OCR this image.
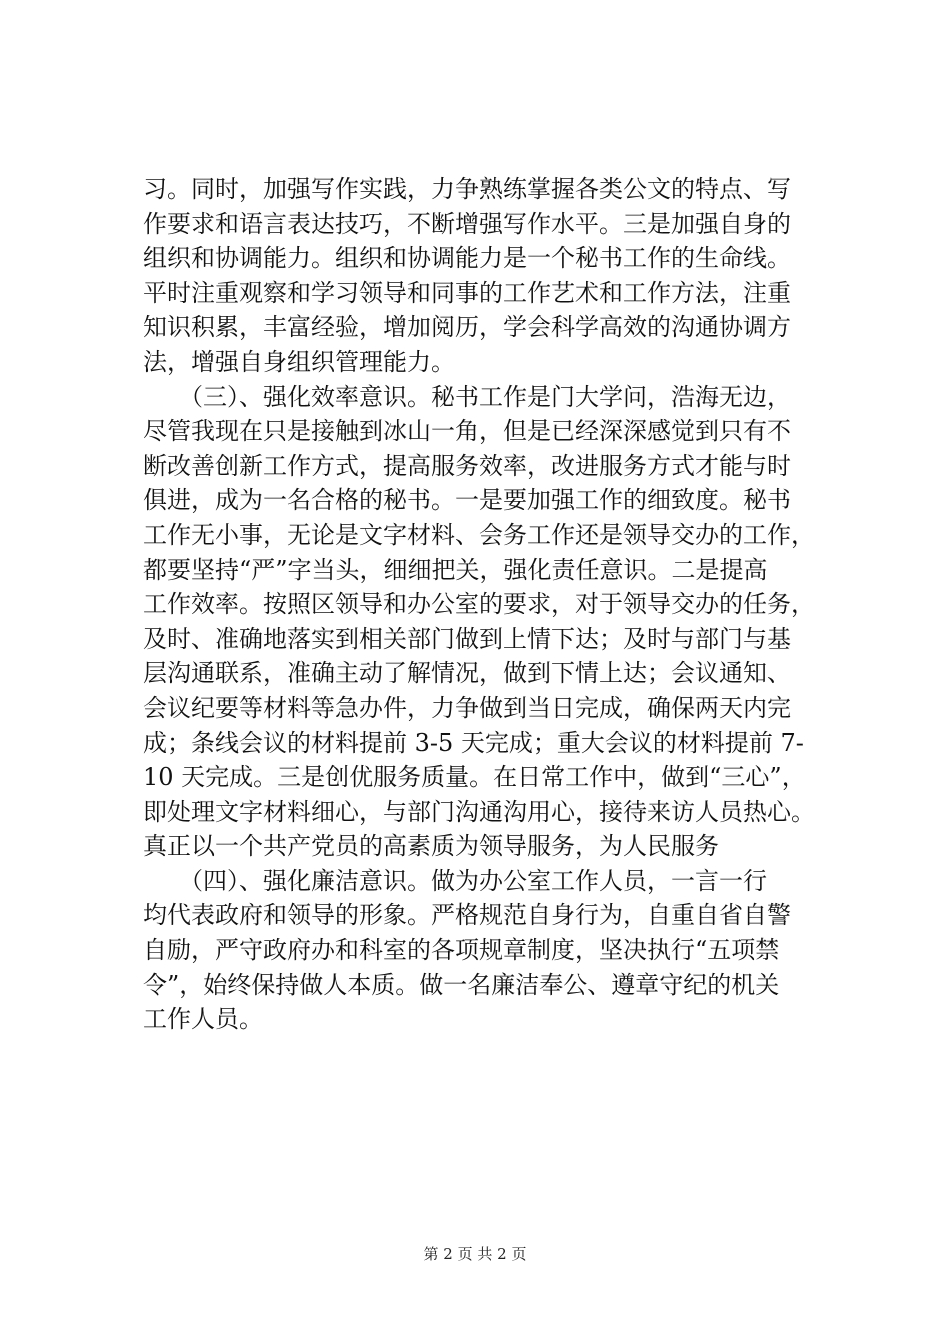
习。同时，加强写作实践，力争熟练掌握各类公文的特点、写
作要求和语言表达技巧，不断增强写作水平。三是加强自身的
组织和协调能力。组织和协调能力是一个秘书工作的生命线。
平时注重观察和学习领导和同事的工作艺术和工作方法，注重
知识积累，丰富经验，增加阅历，学会科学高效的沟通协调方
法，增强自身组织管理能力。
　　（三）、强化效率意识。秘书工作是门大学问，浩海无边，
尽管我现在只是接触到冰山一角，但是已经深深感觉到只有不
断改善创新工作方式，提高服务效率，改进服务方式才能与时
俱进，成为一名合格的秘书。一是要加强工作的细致度。秘书
工作无小事，无论是文字材料、会务工作还是领导交办的工作，
都要坚持“严”字当头，细细把关，强化责任意识。二是提高
工作效率。按照区领导和办公室的要求，对于领导交办的任务，
及时、准确地落实到相关部门做到上情下达；及时与部门与基
层沟通联系，准确主动了解情况，做到下情上达；会议通知、
会议纪要等材料等急办件，力争做到当日完成，确保两天内完
成；条线会议的材料提前 3-5 天完成；重大会议的材料提前 7-
10 天完成。三是创优服务质量。在日常工作中，做到“三心”，
即处理文字材料细心，与部门沟通沟用心，接待来访人员热心。
真正以一个共产党员的高素质为领导服务，为人民服务
　　（四）、强化廉洁意识。做为办公室工作人员，一言一行
均代表政府和领导的形象。严格规范自身行为，自重自省自警
自励，严守政府办和科室的各项规章制度，坚决执行“五项禁
令”，始终保持做人本质。做一名廉洁奉公、遵章守纪的机关
工作人员。
第 2 页 共 2 页
